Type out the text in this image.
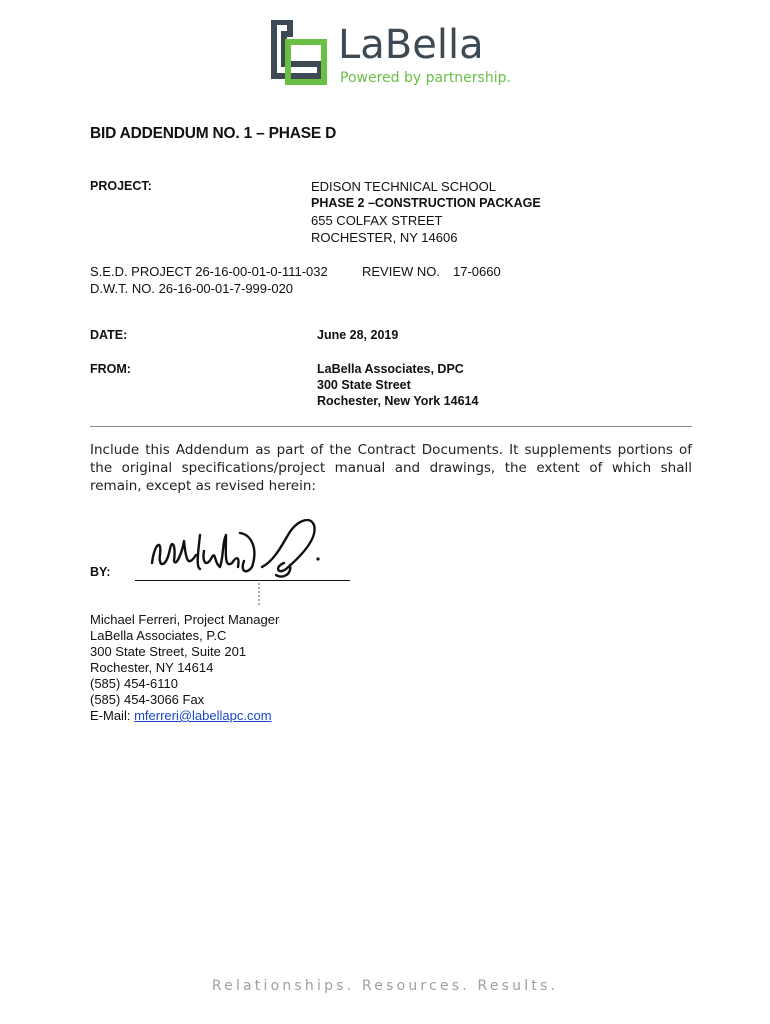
LaBella
Powered by partnership.
BID ADDENDUM NO. 1 – PHASE D
PROJECT:	EDISON TECHNICAL SCHOOL
PHASE 2 –CONSTRUCTION PACKAGE
655 COLFAX STREET
ROCHESTER, NY 14606
S.E.D. PROJECT 26-16-00-01-0-111-032	REVIEW NO. 17-0660
D.W.T. NO. 26-16-00-01-7-999-020
DATE:	June 28, 2019
FROM:	LaBella Associates, DPC
300 State Street
Rochester, New York 14614
Include this Addendum as part of the Contract Documents. It supplements portions of the original specifications/project manual and drawings, the extent of which shall remain, except as revised herein:
BY:
Michael Ferreri, Project Manager
LaBella Associates, P.C
300 State Street, Suite 201
Rochester, NY 14614
(585) 454-6110
(585) 454-3066 Fax
E-Mail: mferreri@labellapc.com
Relationships. Resources. Results.
